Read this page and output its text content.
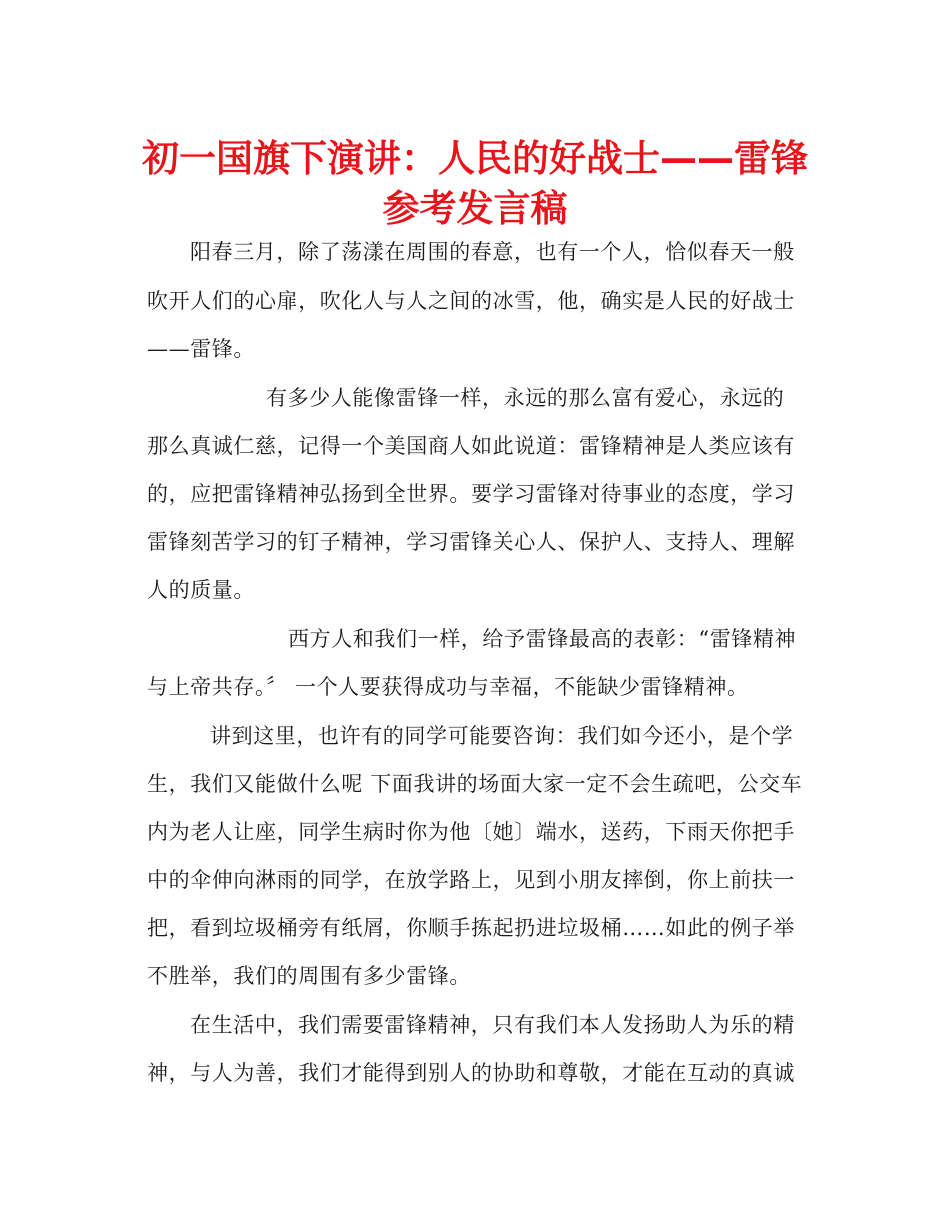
初一国旗下演讲：人民的好战士——雷锋
参考发言稿
阳春三月，除了荡漾在周围的春意，也有一个人，恰似春天一般
吹开人们的心扉，吹化人与人之间的冰雪，他，确实是人民的好战士
——雷锋。
有多少人能像雷锋一样，永远的那么富有爱心，永远的
那么真诚仁慈，记得一个美国商人如此说道：雷锋精神是人类应该有
的，应把雷锋精神弘扬到全世界。要学习雷锋对待事业的态度，学习
雷锋刻苦学习的钉子精神，学习雷锋关心人、保护人、支持人、理解
人的质量。
西方人和我们一样，给予雷锋最高的表彰：“雷锋精神
与上帝共存。〞 一个人要获得成功与幸福，不能缺少雷锋精神。
讲到这里，也许有的同学可能要咨询：我们如今还小，是个学
生，我们又能做什么呢 下面我讲的场面大家一定不会生疏吧，公交车
内为老人让座，同学生病时你为他〔她〕端水，送药，下雨天你把手
中的伞伸向淋雨的同学，在放学路上，见到小朋友摔倒，你上前扶一
把，看到垃圾桶旁有纸屑，你顺手拣起扔进垃圾桶……如此的例子举
不胜举，我们的周围有多少雷锋。
在生活中，我们需要雷锋精神，只有我们本人发扬助人为乐的精
神，与人为善，我们才能得到别人的协助和尊敬，才能在互动的真诚
